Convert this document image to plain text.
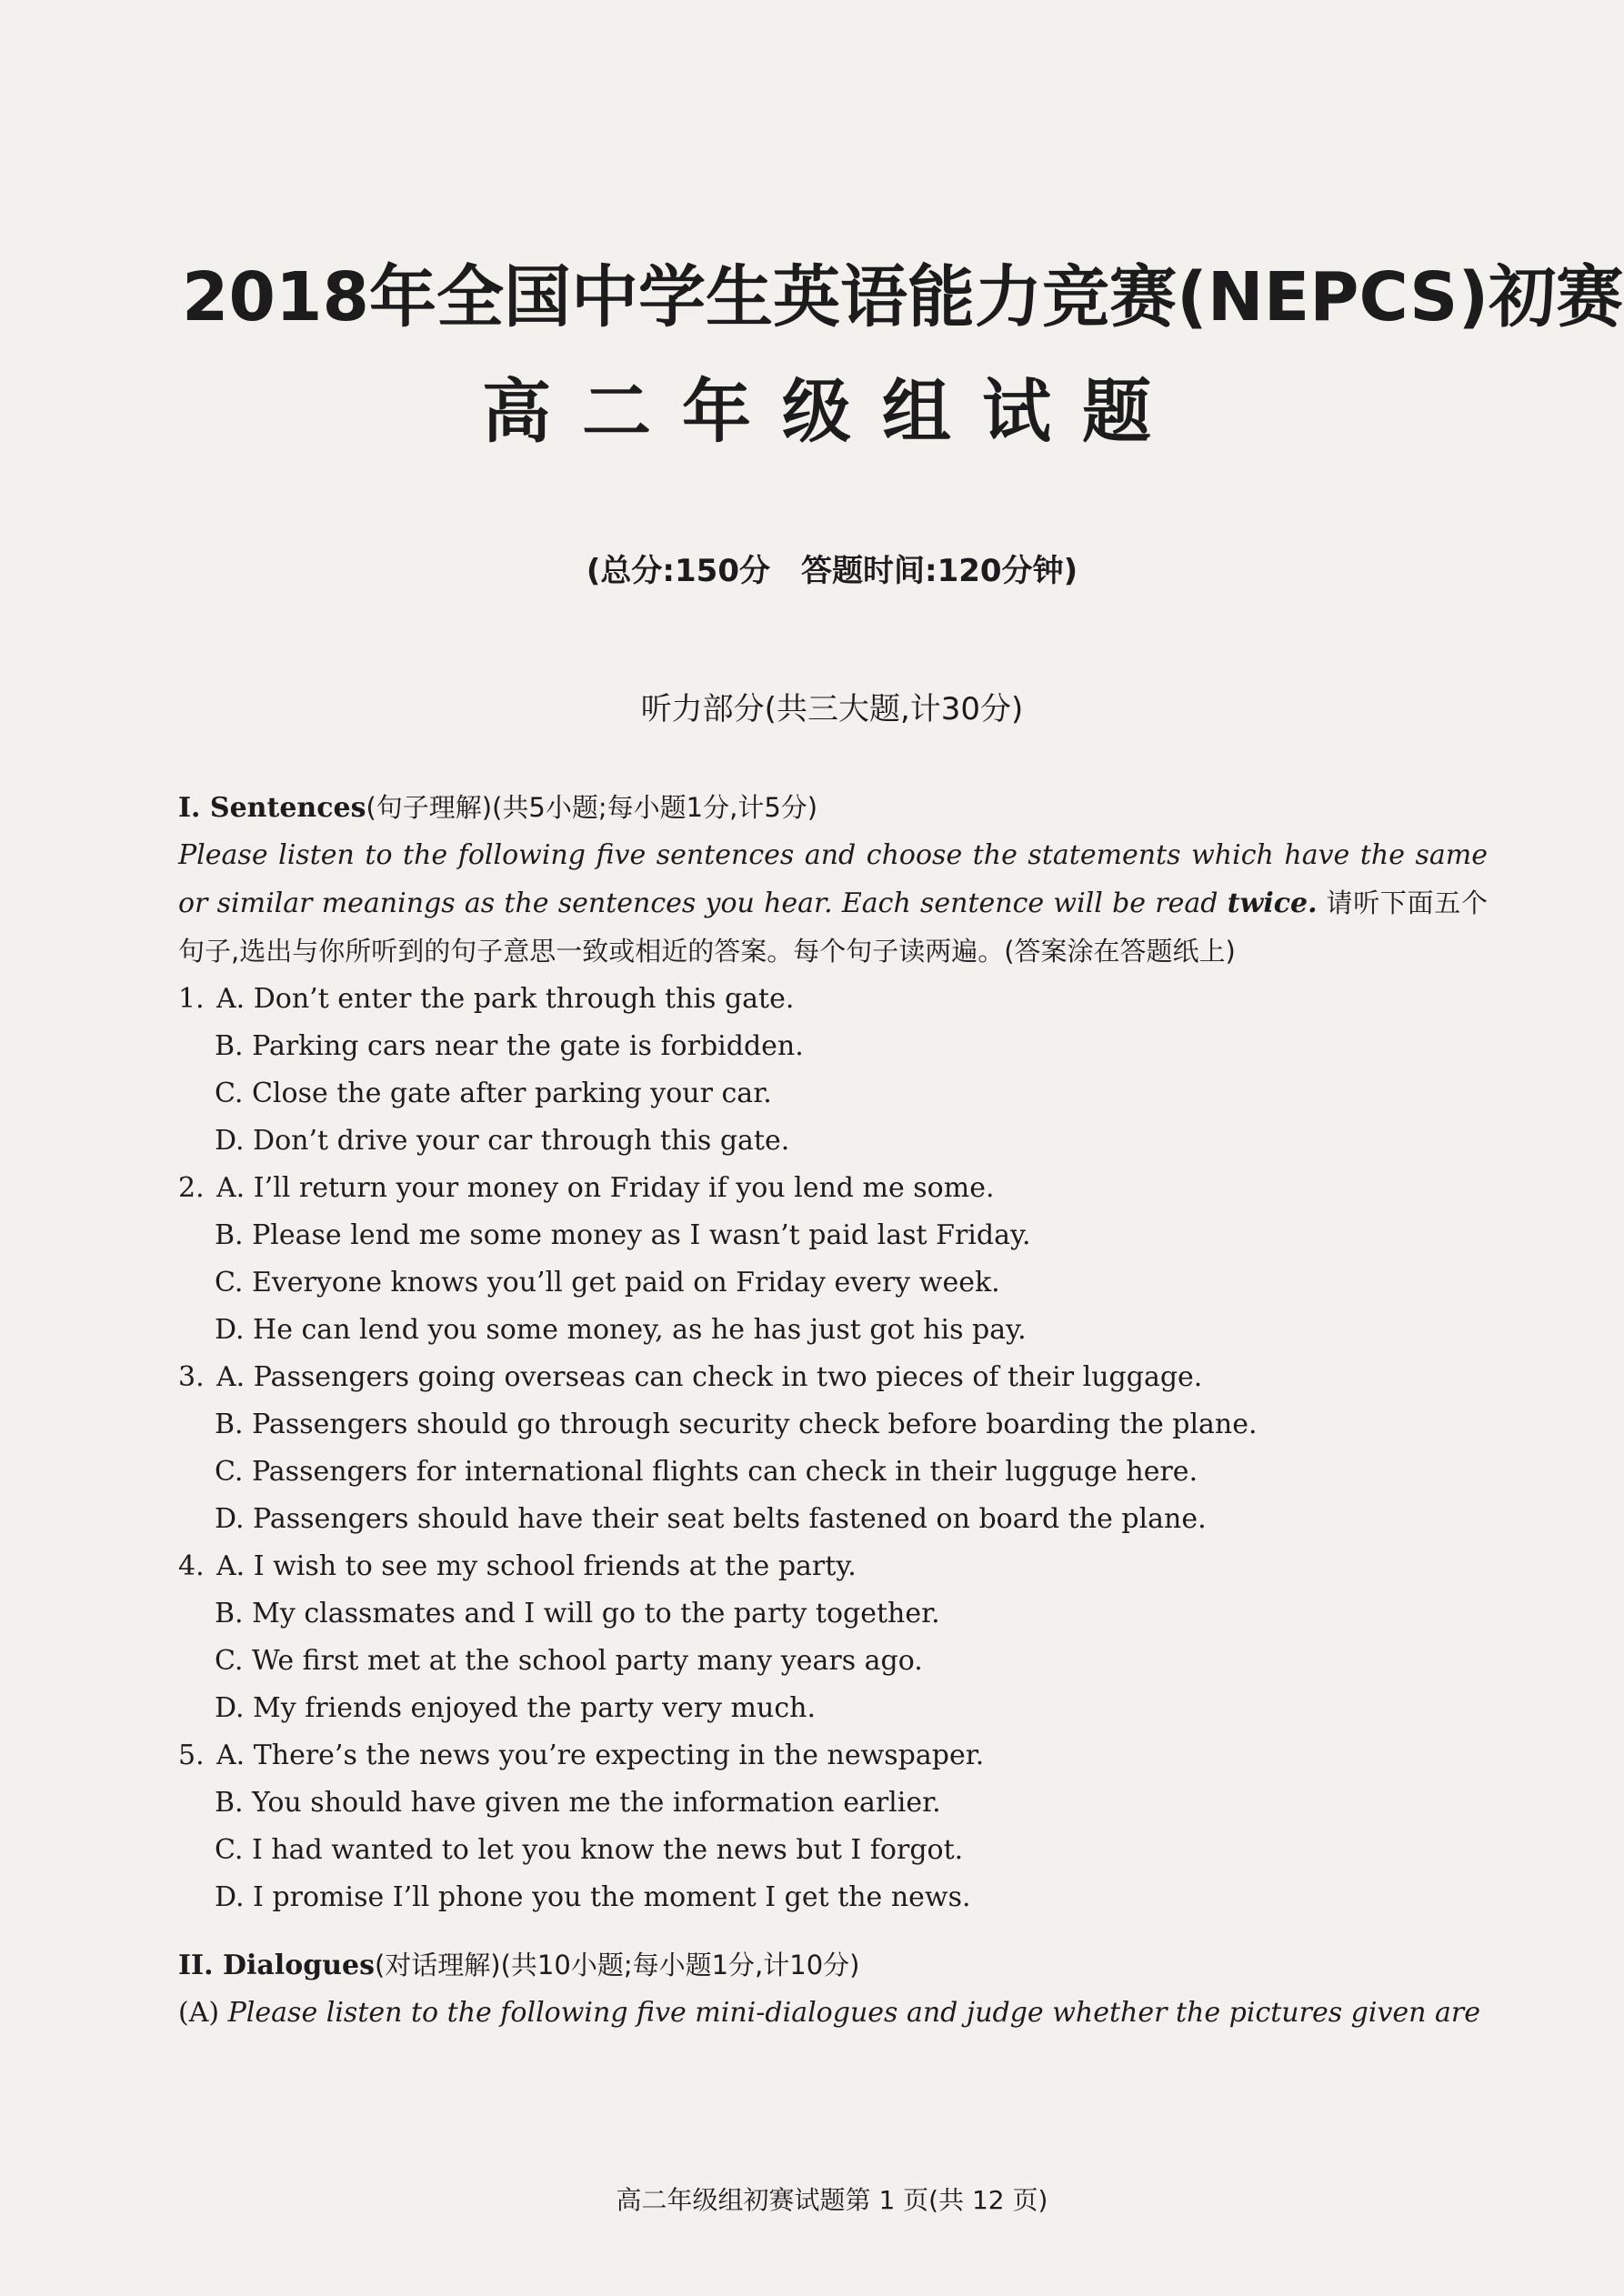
2018年全国中学生英语能力竞赛(NEPCS)初赛
高二年级组试题
(总分:150分　答题时间:120分钟)
听力部分(共三大题,计30分)
I. Sentences(句子理解)(共5小题;每小题1分,计5分)
Please listen to the following five sentences and choose the statements which have the same or similar meanings as the sentences you hear. Each sentence will be read twice. 请听下面五个句子,选出与你所听到的句子意思一致或相近的答案。每个句子读两遍。(答案涂在答题纸上)
1. A. Don’t enter the park through this gate.
B. Parking cars near the gate is forbidden.
C. Close the gate after parking your car.
D. Don’t drive your car through this gate.
2. A. I’ll return your money on Friday if you lend me some.
B. Please lend me some money as I wasn’t paid last Friday.
C. Everyone knows you’ll get paid on Friday every week.
D. He can lend you some money, as he has just got his pay.
3. A. Passengers going overseas can check in two pieces of their luggage.
B. Passengers should go through security check before boarding the plane.
C. Passengers for international flights can check in their lugguge here.
D. Passengers should have their seat belts fastened on board the plane.
4. A. I wish to see my school friends at the party.
B. My classmates and I will go to the party together.
C. We first met at the school party many years ago.
D. My friends enjoyed the party very much.
5. A. There’s the news you’re expecting in the newspaper.
B. You should have given me the information earlier.
C. I had wanted to let you know the news but I forgot.
D. I promise I’ll phone you the moment I get the news.
II. Dialogues(对话理解)(共10小题;每小题1分,计10分)
(A) Please listen to the following five mini-dialogues and judge whether the pictures given are
高二年级组初赛试题第 1 页(共 12 页)
